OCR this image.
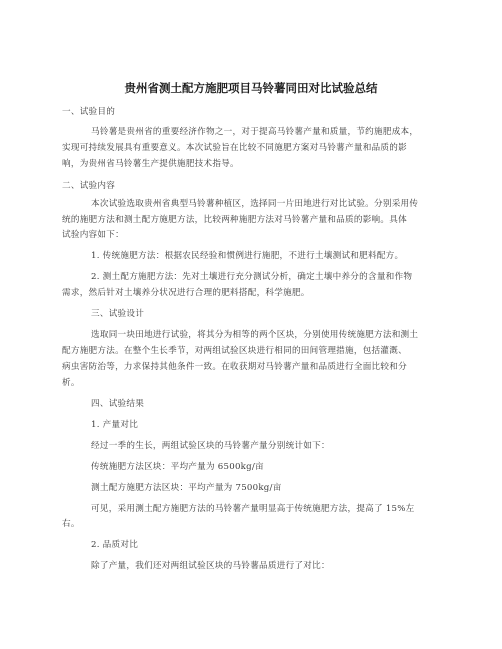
贵州省测土配方施肥项目马铃薯同田对比试验总结
一、试验目的
马铃薯是贵州省的重要经济作物之一，对于提高马铃薯产量和质量，节约施肥成本，
实现可持续发展具有重要意义。本次试验旨在比较不同施肥方案对马铃薯产量和品质的影
响，为贵州省马铃薯生产提供施肥技术指导。
二、试验内容
本次试验选取贵州省典型马铃薯种植区，选择同一片田地进行对比试验。分别采用传
统的施肥方法和测土配方施肥方法，比较两种施肥方法对马铃薯产量和品质的影响。具体
试验内容如下：
1. 传统施肥方法：根据农民经验和惯例进行施肥，不进行土壤测试和肥料配方。
2. 测土配方施肥方法：先对土壤进行充分测试分析，确定土壤中养分的含量和作物
需求，然后针对土壤养分状况进行合理的肥料搭配，科学施肥。
三、试验设计
选取同一块田地进行试验，将其分为相等的两个区块，分别使用传统施肥方法和测土
配方施肥方法。在整个生长季节，对两组试验区块进行相同的田间管理措施，包括灌溉、
病虫害防治等，力求保持其他条件一致。在收获期对马铃薯产量和品质进行全面比较和分
析。
四、试验结果
1. 产量对比
经过一季的生长，两组试验区块的马铃薯产量分别统计如下：
传统施肥方法区块：平均产量为 6500kg/亩
测土配方施肥方法区块：平均产量为 7500kg/亩
可见，采用测土配方施肥方法的马铃薯产量明显高于传统施肥方法，提高了 15%左
右。
2. 品质对比
除了产量，我们还对两组试验区块的马铃薯品质进行了对比：
